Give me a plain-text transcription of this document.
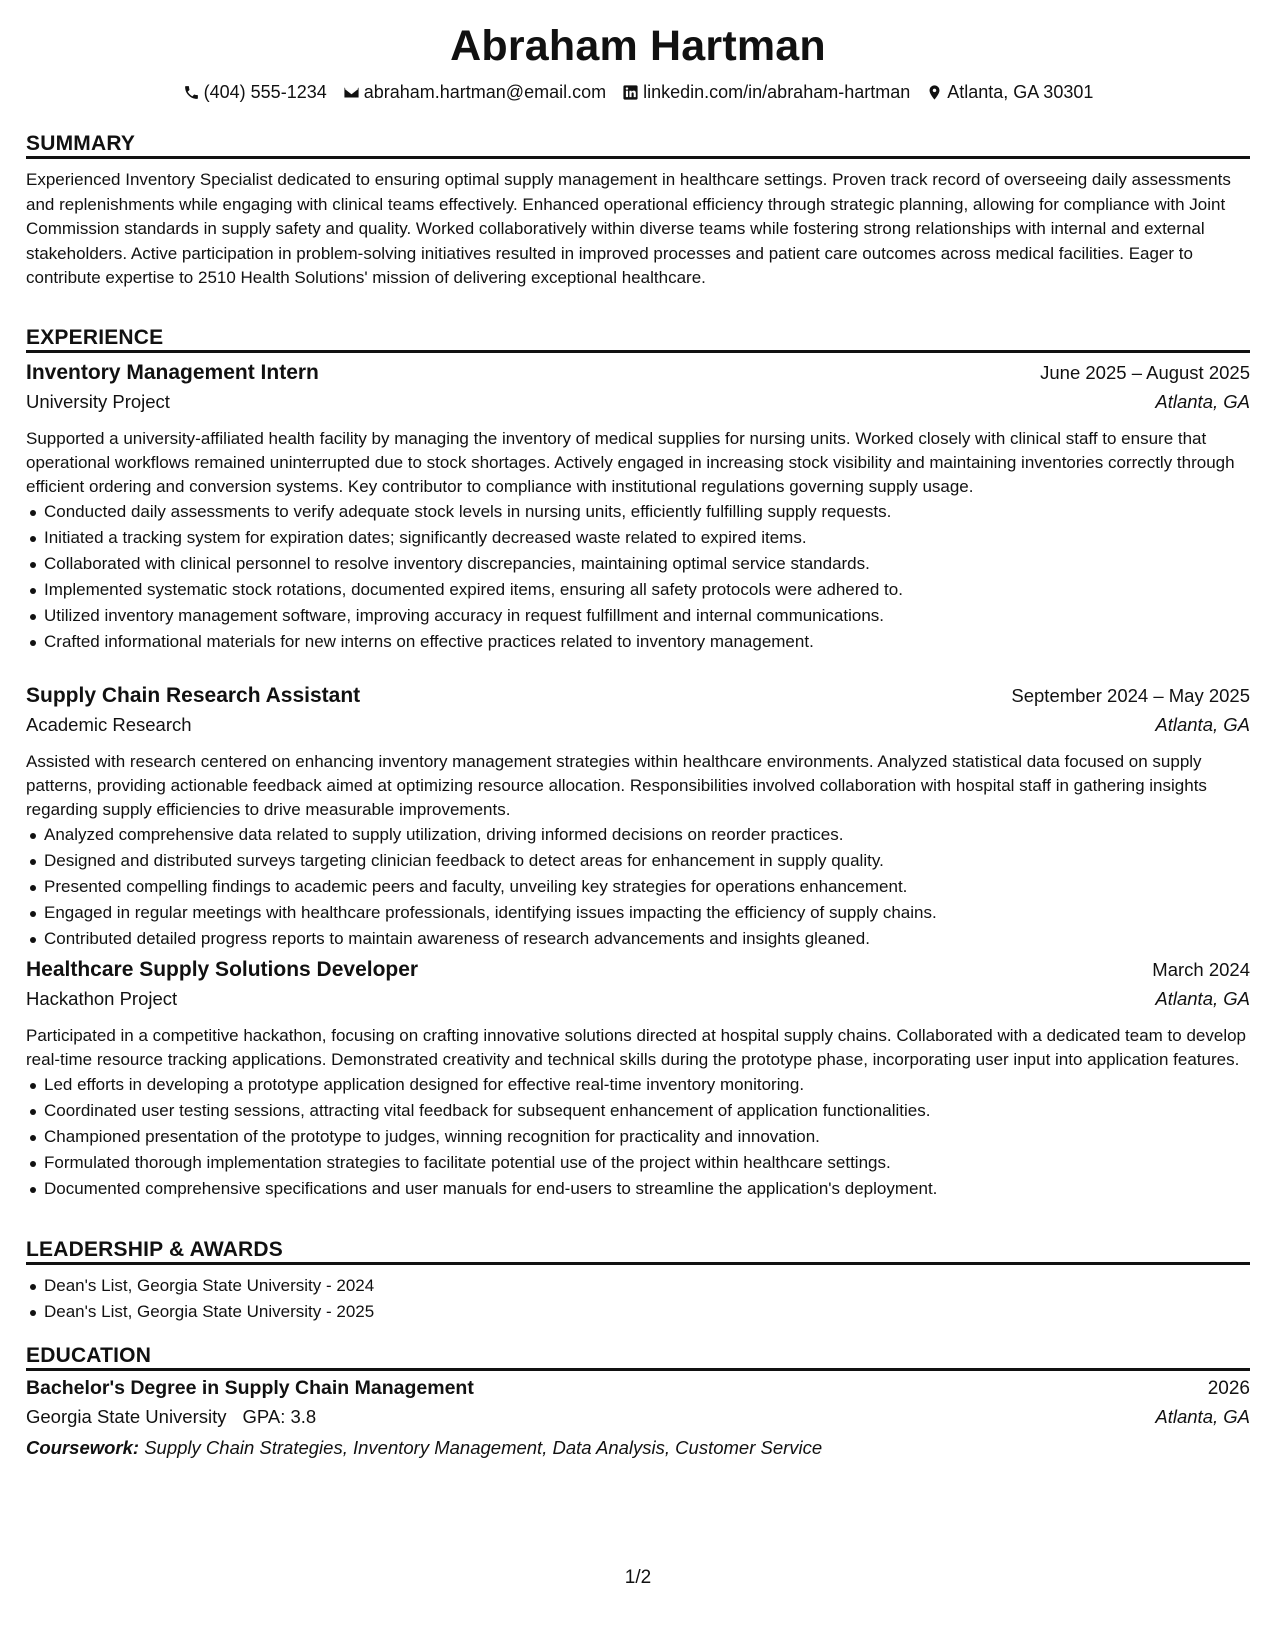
Abraham Hartman
(404) 555-1234 abraham.hartman@email.com linkedin.com/in/abraham-hartman Atlanta, GA 30301
SUMMARY
Experienced Inventory Specialist dedicated to ensuring optimal supply management in healthcare settings. Proven track record of overseeing daily assessments and replenishments while engaging with clinical teams effectively. Enhanced operational efficiency through strategic planning, allowing for compliance with Joint Commission standards in supply safety and quality. Worked collaboratively within diverse teams while fostering strong relationships with internal and external stakeholders. Active participation in problem-solving initiatives resulted in improved processes and patient care outcomes across medical facilities. Eager to contribute expertise to 2510 Health Solutions' mission of delivering exceptional healthcare.
EXPERIENCE
Inventory Management Intern	June 2025 – August 2025
University Project	Atlanta, GA
Supported a university-affiliated health facility by managing the inventory of medical supplies for nursing units. Worked closely with clinical staff to ensure that operational workflows remained uninterrupted due to stock shortages. Actively engaged in increasing stock visibility and maintaining inventories correctly through efficient ordering and conversion systems. Key contributor to compliance with institutional regulations governing supply usage.
Conducted daily assessments to verify adequate stock levels in nursing units, efficiently fulfilling supply requests.
Initiated a tracking system for expiration dates; significantly decreased waste related to expired items.
Collaborated with clinical personnel to resolve inventory discrepancies, maintaining optimal service standards.
Implemented systematic stock rotations, documented expired items, ensuring all safety protocols were adhered to.
Utilized inventory management software, improving accuracy in request fulfillment and internal communications.
Crafted informational materials for new interns on effective practices related to inventory management.
Supply Chain Research Assistant	September 2024 – May 2025
Academic Research	Atlanta, GA
Assisted with research centered on enhancing inventory management strategies within healthcare environments. Analyzed statistical data focused on supply patterns, providing actionable feedback aimed at optimizing resource allocation. Responsibilities involved collaboration with hospital staff in gathering insights regarding supply efficiencies to drive measurable improvements.
Analyzed comprehensive data related to supply utilization, driving informed decisions on reorder practices.
Designed and distributed surveys targeting clinician feedback to detect areas for enhancement in supply quality.
Presented compelling findings to academic peers and faculty, unveiling key strategies for operations enhancement.
Engaged in regular meetings with healthcare professionals, identifying issues impacting the efficiency of supply chains.
Contributed detailed progress reports to maintain awareness of research advancements and insights gleaned.
Healthcare Supply Solutions Developer	March 2024
Hackathon Project	Atlanta, GA
Participated in a competitive hackathon, focusing on crafting innovative solutions directed at hospital supply chains. Collaborated with a dedicated team to develop real-time resource tracking applications. Demonstrated creativity and technical skills during the prototype phase, incorporating user input into application features.
Led efforts in developing a prototype application designed for effective real-time inventory monitoring.
Coordinated user testing sessions, attracting vital feedback for subsequent enhancement of application functionalities.
Championed presentation of the prototype to judges, winning recognition for practicality and innovation.
Formulated thorough implementation strategies to facilitate potential use of the project within healthcare settings.
Documented comprehensive specifications and user manuals for end-users to streamline the application's deployment.
LEADERSHIP & AWARDS
Dean's List, Georgia State University - 2024
Dean's List, Georgia State University - 2025
EDUCATION
Bachelor's Degree in Supply Chain Management	2026
Georgia State University GPA: 3.8	Atlanta, GA
Coursework: Supply Chain Strategies, Inventory Management, Data Analysis, Customer Service
1/2
